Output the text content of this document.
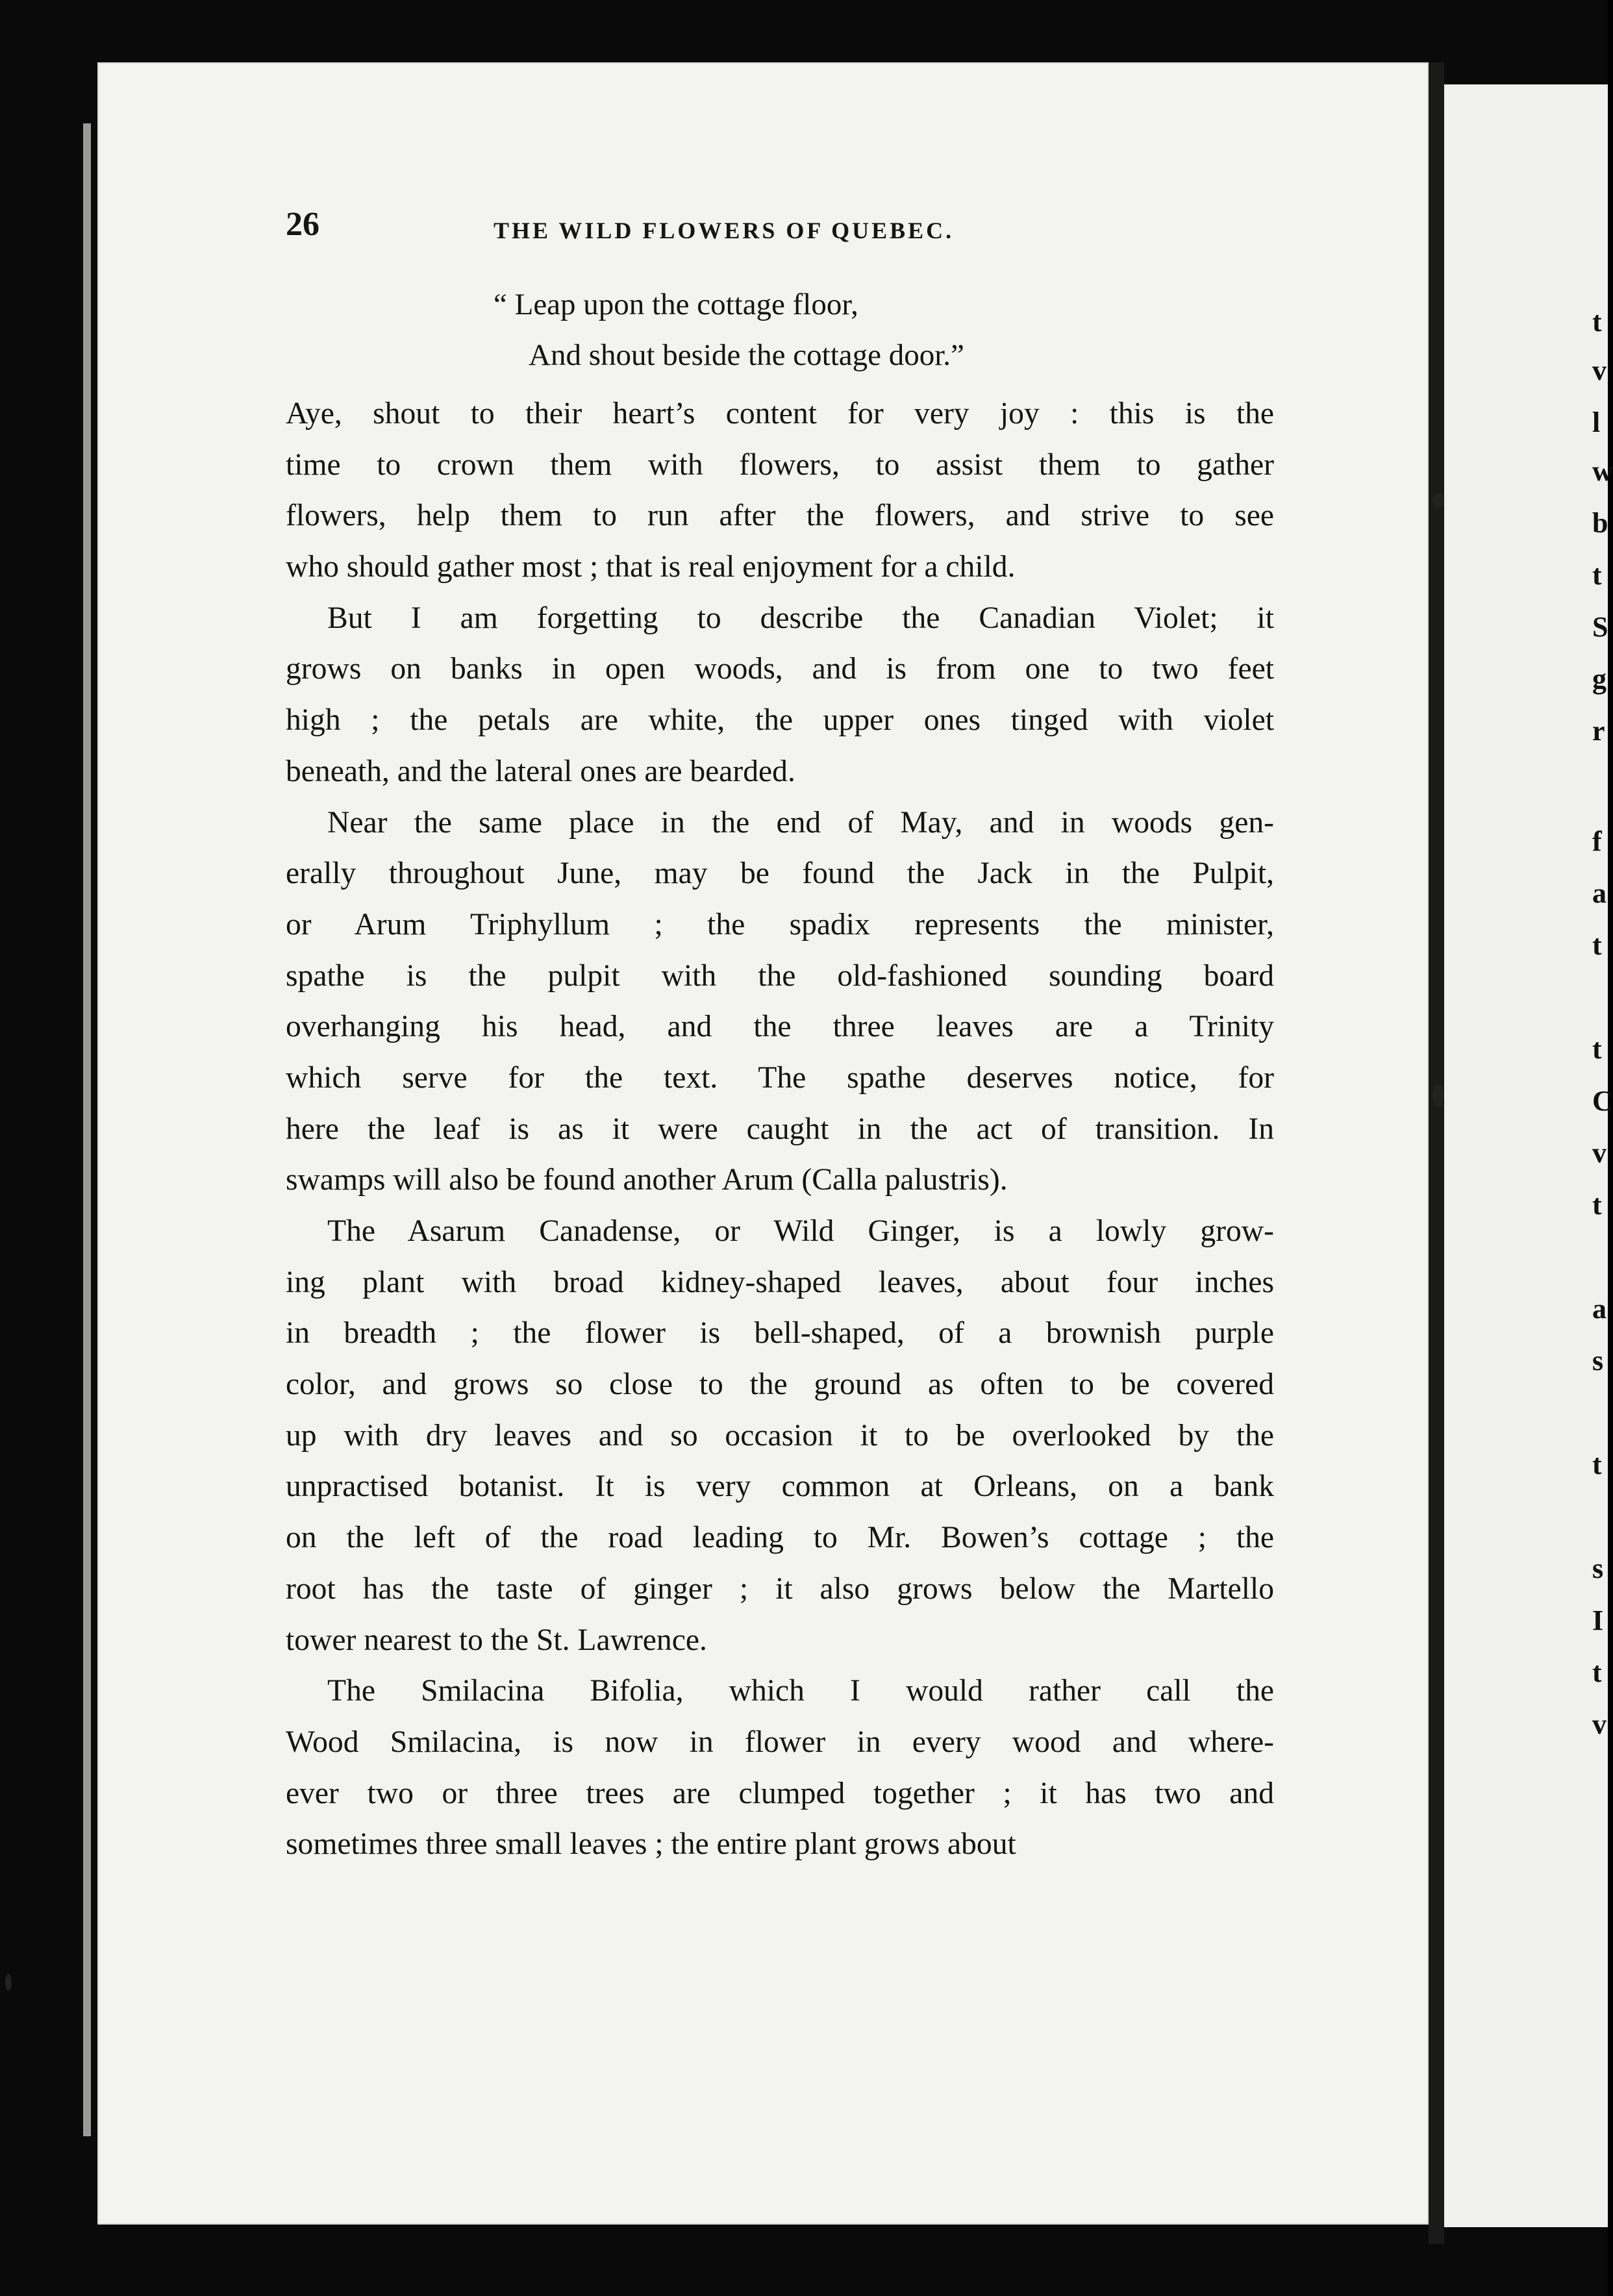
t
v
l
w
b
t
S
g
r
f
a
t
t
C
v
t
a
s
t
s
I
t
v
26	THE WILD FLOWERS OF QUEBEC.
“ Leap upon the cottage floor,
And shout beside the cottage door.”
Aye, shout to their heart’s content for very joy : this is the
time to crown them with flowers, to assist them to gather
flowers, help them to run after the flowers, and strive to see
who should gather most ; that is real enjoyment for a child.
But I am forgetting to describe the Canadian Violet; it
grows on banks in open woods, and is from one to two feet
high ; the petals are white, the upper ones tinged with violet
beneath, and the lateral ones are bearded.
Near the same place in the end of May, and in woods gen-
erally throughout June, may be found the Jack in the Pulpit,
or Arum Triphyllum ; the spadix represents the minister,
spathe is the pulpit with the old-fashioned sounding board
overhanging his head, and the three leaves are a Trinity
which serve for the text. The spathe deserves notice, for
here the leaf is as it were caught in the act of transition. In
swamps will also be found another Arum (Calla palustris).
The Asarum Canadense, or Wild Ginger, is a lowly grow-
ing plant with broad kidney-shaped leaves, about four inches
in breadth ; the flower is bell-shaped, of a brownish purple
color, and grows so close to the ground as often to be covered
up with dry leaves and so occasion it to be overlooked by the
unpractised botanist. It is very common at Orleans, on a bank
on the left of the road leading to Mr. Bowen’s cottage ; the
root has the taste of ginger ; it also grows below the Martello
tower nearest to the St. Lawrence.
The Smilacina Bifolia, which I would rather call the
Wood Smilacina, is now in flower in every wood and where-
ever two or three trees are clumped together ; it has two and
sometimes three small leaves ; the entire plant grows about
